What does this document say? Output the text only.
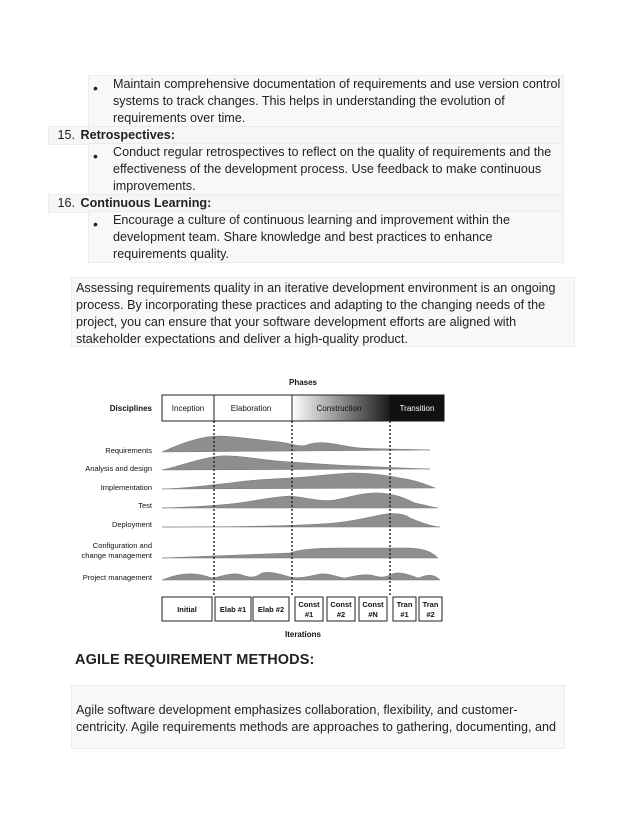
• Maintain comprehensive documentation of requirements and use version control systems to track changes. This helps in understanding the evolution of requirements over time.
15. Retrospectives:
• Conduct regular retrospectives to reflect on the quality of requirements and the effectiveness of the development process. Use feedback to make continuous improvements.
16. Continuous Learning:
• Encourage a culture of continuous learning and improvement within the development team. Share knowledge and best practices to enhance requirements quality.
Assessing requirements quality in an iterative development environment is an ongoing process. By incorporating these practices and adapting to the changing needs of the project, you can ensure that your software development efforts are aligned with stakeholder expectations and deliver a high-quality product.
Phases
Disciplines Inception	Elaboration	Construction	Transition
Requirements
Analysis and design
Implementation
Test
Deployment
Configuration and
change management
Project management
Initial	Elab #1 Elab #2
Const
#1
Const
#2
Const
#N
Tran
#1
Tran
#2
Iterations
AGILE REQUIREMENT METHODS:
Agile software development emphasizes collaboration, flexibility, and customer-centricity. Agile requirements methods are approaches to gathering, documenting, and
